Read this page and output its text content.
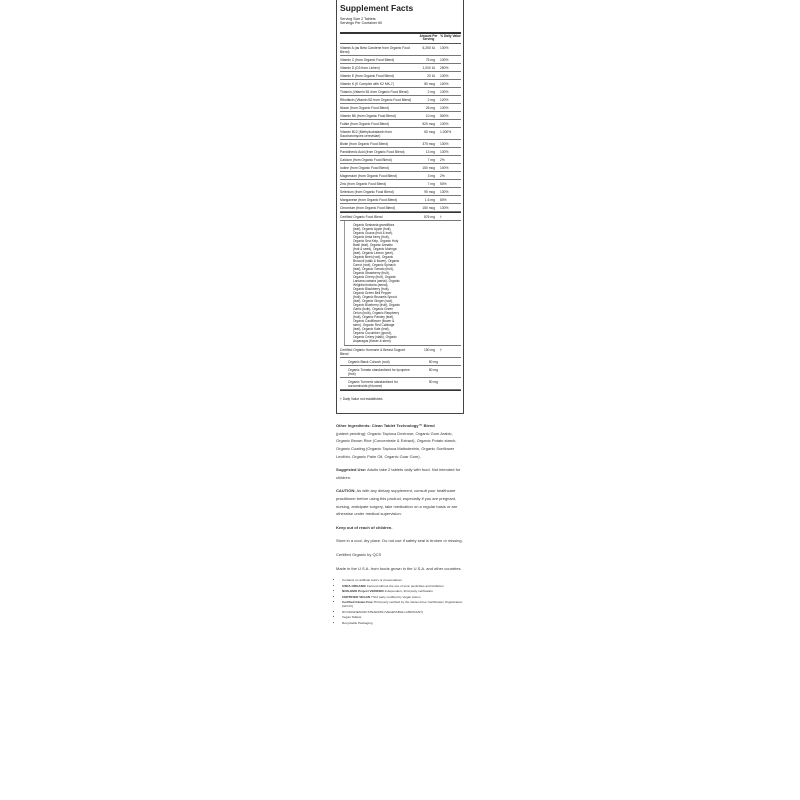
Supplement Facts
Serving Size 2 Tablets
Servings Per Container 60
Amount Per Serving
% Daily Value
Vitamin A (as Beta Carotene from Organic Food Blend)	6,250 IU	130%
Vitamin C (from Organic Food Blend)	75 mg	130%
Vitamin D (D3 from Lichen)	1,000 IU	250%
Vitamin E (from Organic Food Blend)	20 IU	130%
Vitamin K (K Complex with K2 MK-7)	80 mcg	100%
Thiamin (Vitamin B1 from Organic Food Blend)	2 mg	130%
Riboflavin (Vitamin B2 from Organic Food Blend)	2 mg	120%
Niacin (from Organic Food Blend)	26 mg	130%
Vitamin B6 (from Organic Food Blend)	10 mg	500%
Folate (from Organic Food Blend)	520 mcg	130%
Vitamin B12 (Methylcobalamin from Saccharomyces cerevisiae)	60 mcg	1,000%
Biotin (from Organic Food Blend)	375 mcg	130%
Pantothenic Acid (from Organic Food Blend)	13 mg	130%
Calcium (from Organic Food Blend)	7 mg	2%
Iodine (from Organic Food Blend)	150 mcg	100%
Magnesium (from Organic Food Blend)	3 mg	2%
Zinc (from Organic Food Blend)	7 mg	50%
Selenium (from Organic Food Blend)	90 mcg	130%
Manganese (from Organic Food Blend)	1.6 mg	80%
Chromium (from Organic Food Blend)	150 mcg	130%
Certified Organic Food Blend	876 mg	†
Organic Sesbania grandiflora
(leaf), Organic Apple (fruit),
Organic Guava (fruit & leaf),
Organic Amla berry (fruit),
Organic Sea Kelp, Organic Holy
Basil (leaf), Organic Annatto
(fruit & seed), Organic Moringa
(leaf), Organic Lemon (peel),
Organic Beet (root), Organic
Broccoli (stalk & flower), Organic
Carrot (root), Organic Spinach
(leaf), Organic Tomato (fruit),
Organic Strawberry (fruit),
Organic Cherry (fruit), Organic
Lantana camara (aerial), Organic
Wrightia tinctoria (aerial),
Organic Blackberry (fruit),
Organic Green Bell Pepper
(fruit), Organic Brussels Sprout
(leaf), Organic Ginger (root),
Organic Blueberry (fruit), Organic
Garlic (bulb), Organic Green
Onion (bulb), Organic Raspberry
(fruit), Organic Parsley (leaf),
Organic Cauliflower (flower &
stem), Organic Red Cabbage
(leaf), Organic Kale (leaf),
Organic Cucumber (gourd),
Organic Celery (stalk), Organic
Asparagus (flower & stem)
Certified Organic Hormone & Breast Support Blend	150 mg	†
Organic Black Cohosh (root)	50 mg
Organic Tomato standardized for lycopene (fruit)
50 mg
Organic Turmeric standardized for curcuminoids (rhizome)
50 mg
† Daily Value not established.

Other Ingredients: Clean Tablet Technology™ Blend
(patent pending): Organic Tapioca Dextrose, Organic Gum Arabic, Organic Brown Rice (Concentrate & Extract), Organic Potato starch, Organic Coating (Organic Tapioca Maltodextrin, Organic Sunflower Lecithin, Organic Palm Oil, Organic Guar Gum).

Suggested Use: Adults take 2 tablets daily with food. Not intended for children.

CAUTION: As with any dietary supplement, consult your healthcare practitioner before using this product, especially if you are pregnant, nursing, anticipate surgery, take medication on a regular basis or are otherwise under medical supervision.

Keep out of reach of children.

Store in a cool, dry place. Do not use if safety seal is broken or missing.

Certified Organic by QCS

Made in the U.S.A. from foods grown in the U.S.A. and other countries.

• Contains no artificial colors or preservatives
• USDA ORGANIC Farmed without the use of toxic pesticides and fertilizers
• NON-GMO Project VERIFIED Independent, third party verification
• CERTIFIED VEGAN Third party certified by Vegan Action
• Certified Gluten-Free Third party certified by the Gluten-Free Certification Organization (GFCO)
• NO MAGNESIUM STEARATE (VEGETABLE LUBRICANT)
• Vegan Tablets
• Recyclable Packaging
